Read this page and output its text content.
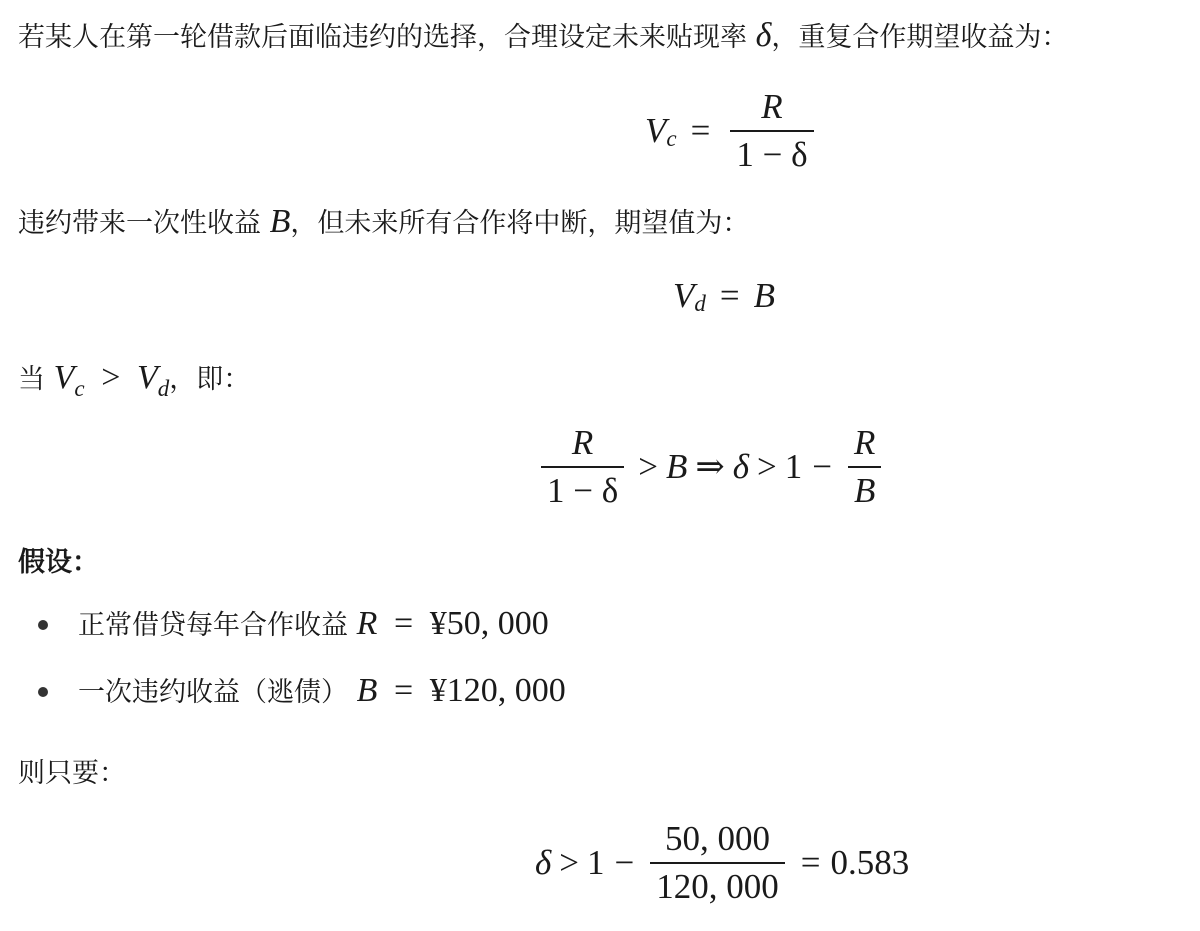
若某人在第一轮借款后面临违约的选择，合理设定未来贴现率 δ，重复合作期望收益为：
V $c = \frac{R}{1 - \delta}$
违约带来一次性收益 B，但未来所有合作将中断，期望值为：
V d = B
当 Vc > Vd，即：
$\frac{R}{1 - \delta} > B$ ⇒ $\delta > 1 - \frac{R}{B}$
假设：
正常借贷每年合作收益 R = ¥50, 000
一次违约收益（逃债） B = ¥120, 000
则只要：
$\delta > 1 - \frac{50, 000}{120, 000} = 0.583$
